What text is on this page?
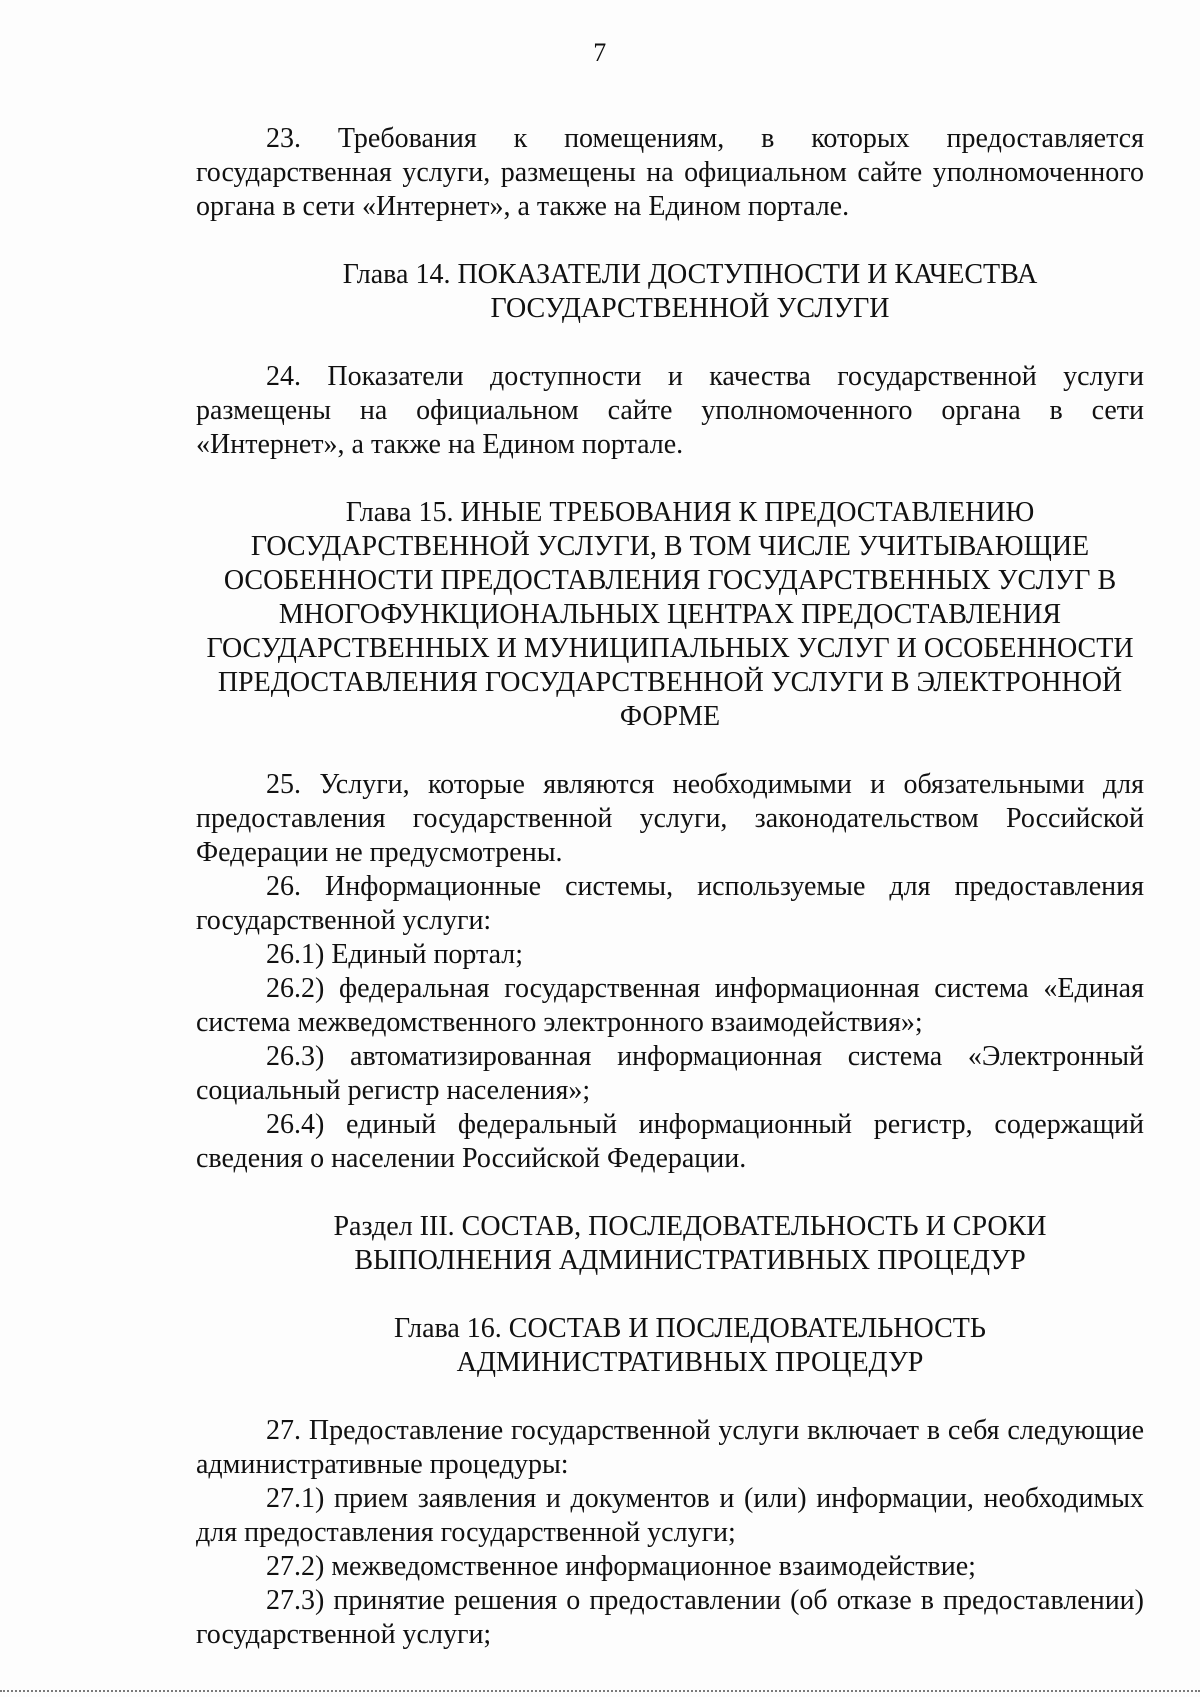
7

23. Требования к помещениям, в которых предоставляется государственная услуги, размещены на официальном сайте уполномоченного органа в сети «Интернет», а также на Едином портале.

Глава 14. ПОКАЗАТЕЛИ ДОСТУПНОСТИ И КАЧЕСТВА
ГОСУДАРСТВЕННОЙ УСЛУГИ

24. Показатели доступности и качества государственной услуги размещены на официальном сайте уполномоченного органа в сети «Интернет», а также на Едином портале.

Глава 15. ИНЫЕ ТРЕБОВАНИЯ К ПРЕДОСТАВЛЕНИЮ
ГОСУДАРСТВЕННОЙ УСЛУГИ, В ТОМ ЧИСЛЕ УЧИТЫВАЮЩИЕ
ОСОБЕННОСТИ ПРЕДОСТАВЛЕНИЯ ГОСУДАРСТВЕННЫХ УСЛУГ В
МНОГОФУНКЦИОНАЛЬНЫХ ЦЕНТРАХ ПРЕДОСТАВЛЕНИЯ
ГОСУДАРСТВЕННЫХ И МУНИЦИПАЛЬНЫХ УСЛУГ И ОСОБЕННОСТИ
ПРЕДОСТАВЛЕНИЯ ГОСУДАРСТВЕННОЙ УСЛУГИ В ЭЛЕКТРОННОЙ
ФОРМЕ

25. Услуги, которые являются необходимыми и обязательными для предоставления государственной услуги, законодательством Российской Федерации не предусмотрены.

26. Информационные системы, используемые для предоставления государственной услуги:

26.1) Единый портал;

26.2) федеральная государственная информационная система «Единая система межведомственного электронного взаимодействия»;

26.3) автоматизированная информационная система «Электронный социальный регистр населения»;

26.4) единый федеральный информационный регистр, содержащий сведения о населении Российской Федерации.

Раздел III. СОСТАВ, ПОСЛЕДОВАТЕЛЬНОСТЬ И СРОКИ
ВЫПОЛНЕНИЯ АДМИНИСТРАТИВНЫХ ПРОЦЕДУР
Глава 16. СОСТАВ И ПОСЛЕДОВАТЕЛЬНОСТЬ
АДМИНИСТРАТИВНЫХ ПРОЦЕДУР

27. Предоставление государственной услуги включает в себя следующие административные процедуры:

27.1) прием заявления и документов и (или) информации, необходимых для предоставления государственной услуги;

27.2) межведомственное информационное взаимодействие;

27.3) принятие решения о предоставлении (об отказе в предоставлении) государственной услуги;
